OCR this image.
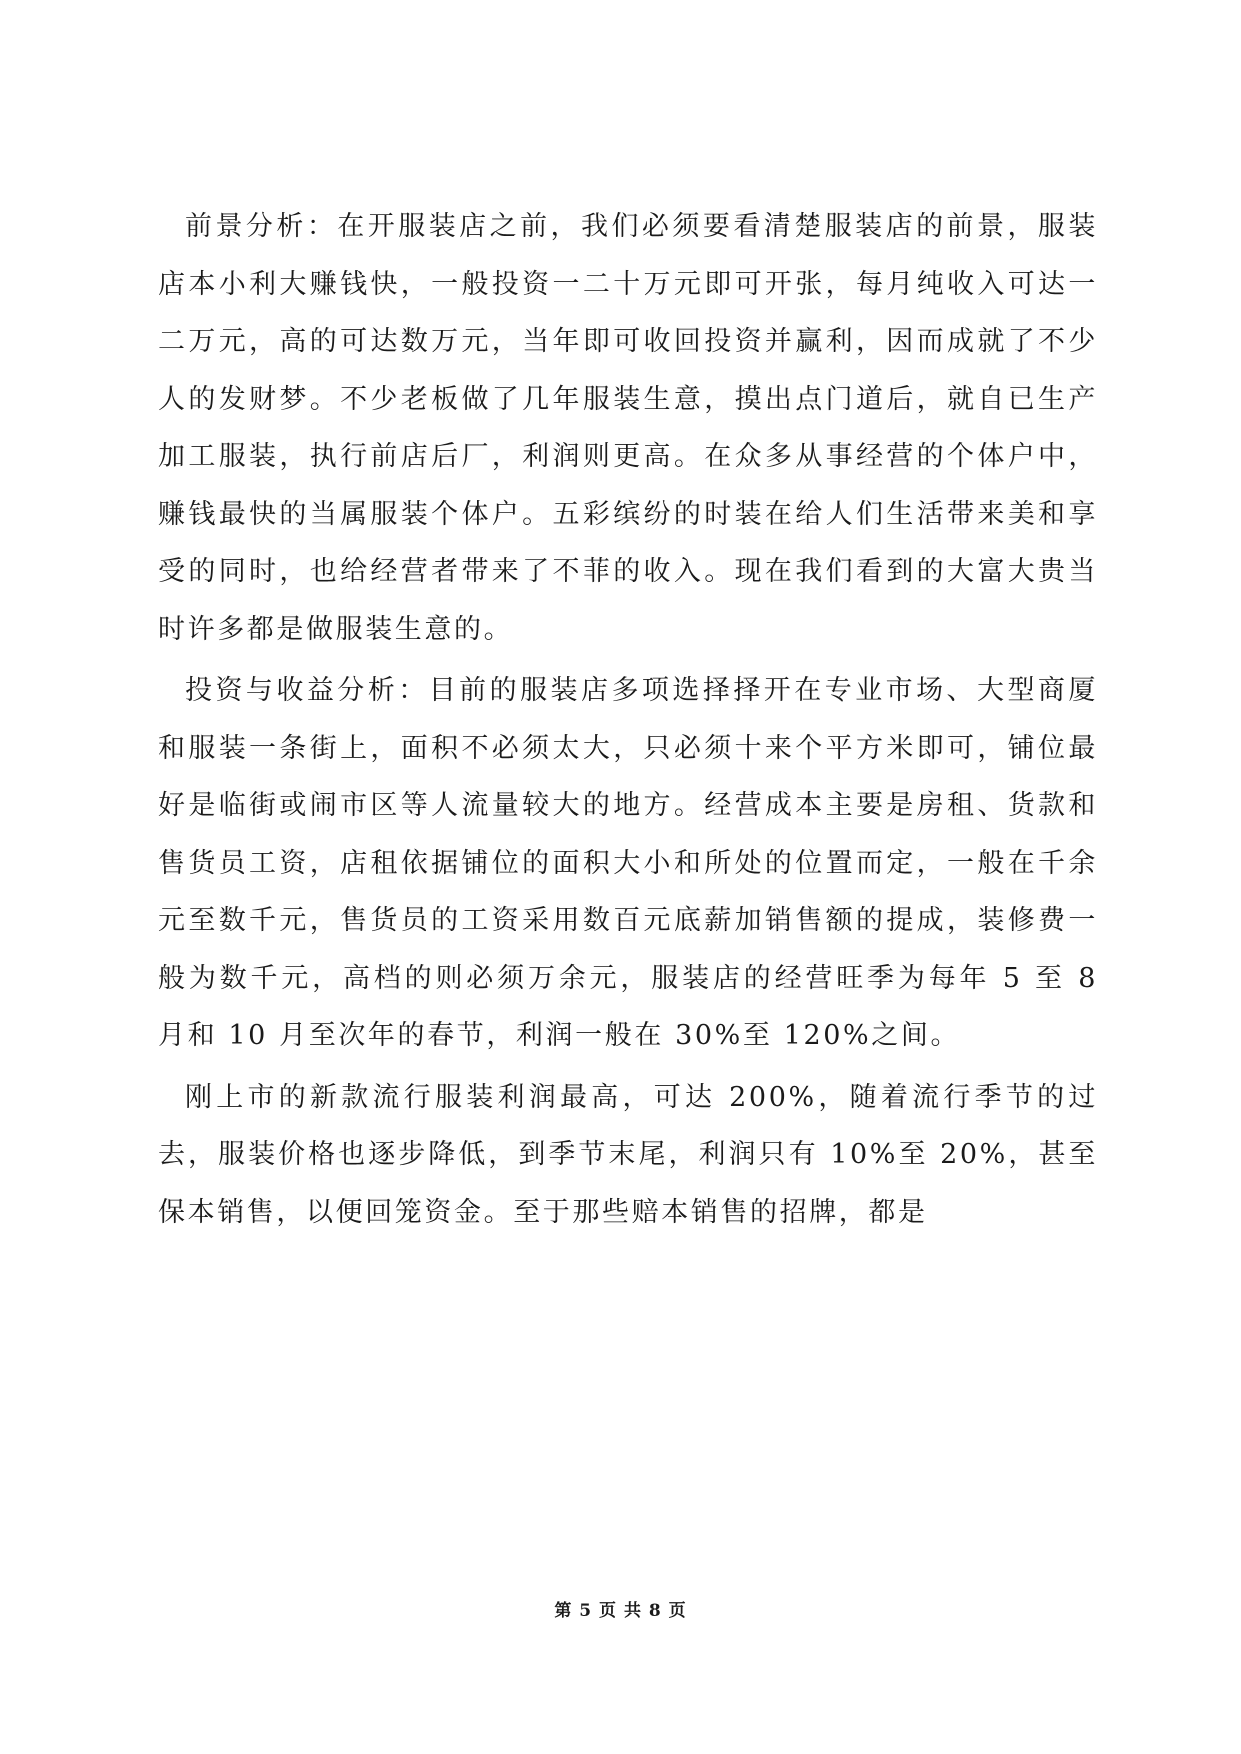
前景分析：在开服装店之前，我们必须要看清楚服装店的前景，服装店本小利大赚钱快，一般投资一二十万元即可开张，每月纯收入可达一二万元，高的可达数万元，当年即可收回投资并赢利，因而成就了不少人的发财梦。不少老板做了几年服装生意，摸出点门道后，就自已生产加工服装，执行前店后厂，利润则更高。在众多从事经营的个体户中，赚钱最快的当属服装个体户。五彩缤纷的时装在给人们生活带来美和享受的同时，也给经营者带来了不菲的收入。现在我们看到的大富大贵当时许多都是做服装生意的。

投资与收益分析：目前的服装店多项选择择开在专业市场、大型商厦和服装一条街上，面积不必须太大，只必须十来个平方米即可，铺位最好是临街或闹市区等人流量较大的地方。经营成本主要是房租、货款和售货员工资，店租依据铺位的面积大小和所处的位置而定，一般在千余元至数千元，售货员的工资采用数百元底薪加销售额的提成，装修费一般为数千元，高档的则必须万余元，服装店的经营旺季为每年 5 至 8 月和 10 月至次年的春节，利润一般在 30%至 120%之间。

刚上市的新款流行服装利润最高，可达 200%，随着流行季节的过去，服装价格也逐步降低，到季节末尾，利润只有 10%至 20%，甚至保本销售，以便回笼资金。至于那些赔本销售的招牌，都是

第 5 页 共 8 页
